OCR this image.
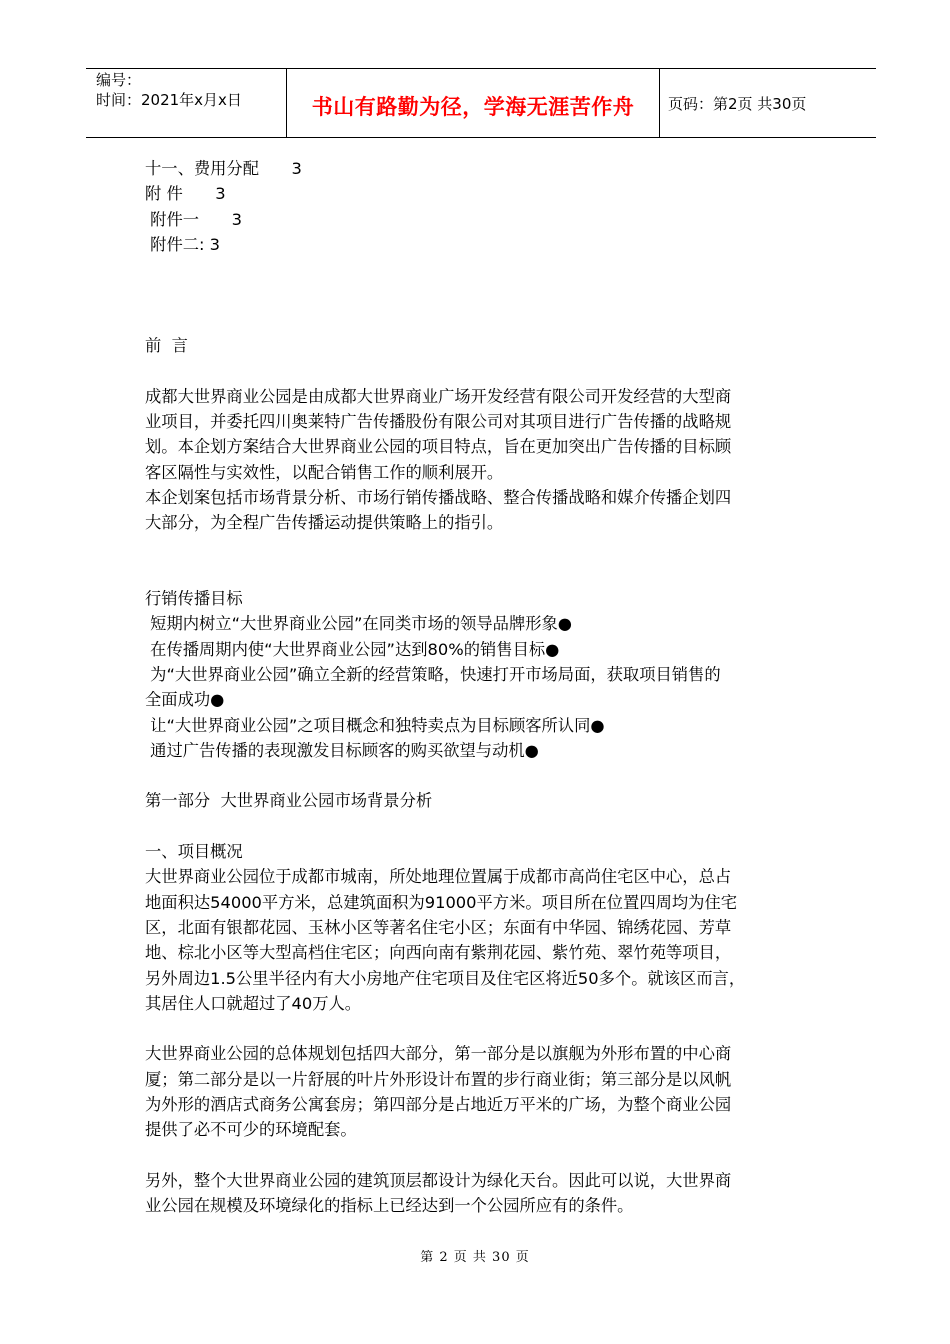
编号：
时间：2021年x月x日	书山有路勤为径，学海无涯苦作舟	页码：第2页 共30页
十一、费用分配　　3
附 件　　3
附件一　　3
附件二: 3
前  言
成都大世界商业公园是由成都大世界商业广场开发经营有限公司开发经营的大型商
业项目，并委托四川奥莱特广告传播股份有限公司对其项目进行广告传播的战略规
划。本企划方案结合大世界商业公园的项目特点，旨在更加突出广告传播的目标顾
客区隔性与实效性，以配合销售工作的顺利展开。
本企划案包括市场背景分析、市场行销传播战略、整合传播战略和媒介传播企划四
大部分，为全程广告传播运动提供策略上的指引。
行销传播目标
短期内树立“大世界商业公园”在同类市场的领导品牌形象●
在传播周期内使“大世界商业公园”达到80%的销售目标●
为“大世界商业公园”确立全新的经营策略，快速打开市场局面，获取项目销售的
全面成功●
让“大世界商业公园”之项目概念和独特卖点为目标顾客所认同●
通过广告传播的表现激发目标顾客的购买欲望与动机●
第一部分  大世界商业公园市场背景分析
一、项目概况
大世界商业公园位于成都市城南，所处地理位置属于成都市高尚住宅区中心，总占
地面积达54000平方米，总建筑面积为91000平方米。项目所在位置四周均为住宅
区，北面有银都花园、玉林小区等著名住宅小区；东面有中华园、锦绣花园、芳草
地、棕北小区等大型高档住宅区；向西向南有紫荆花园、紫竹苑、翠竹苑等项目，
另外周边1.5公里半径内有大小房地产住宅项目及住宅区将近50多个。就该区而言，
其居住人口就超过了40万人。
大世界商业公园的总体规划包括四大部分，第一部分是以旗舰为外形布置的中心商
厦；第二部分是以一片舒展的叶片外形设计布置的步行商业街；第三部分是以风帆
为外形的酒店式商务公寓套房；第四部分是占地近万平米的广场，为整个商业公园
提供了必不可少的环境配套。
另外，整个大世界商业公园的建筑顶层都设计为绿化天台。因此可以说，大世界商
业公园在规模及环境绿化的指标上已经达到一个公园所应有的条件。
第 2 页 共 30 页
